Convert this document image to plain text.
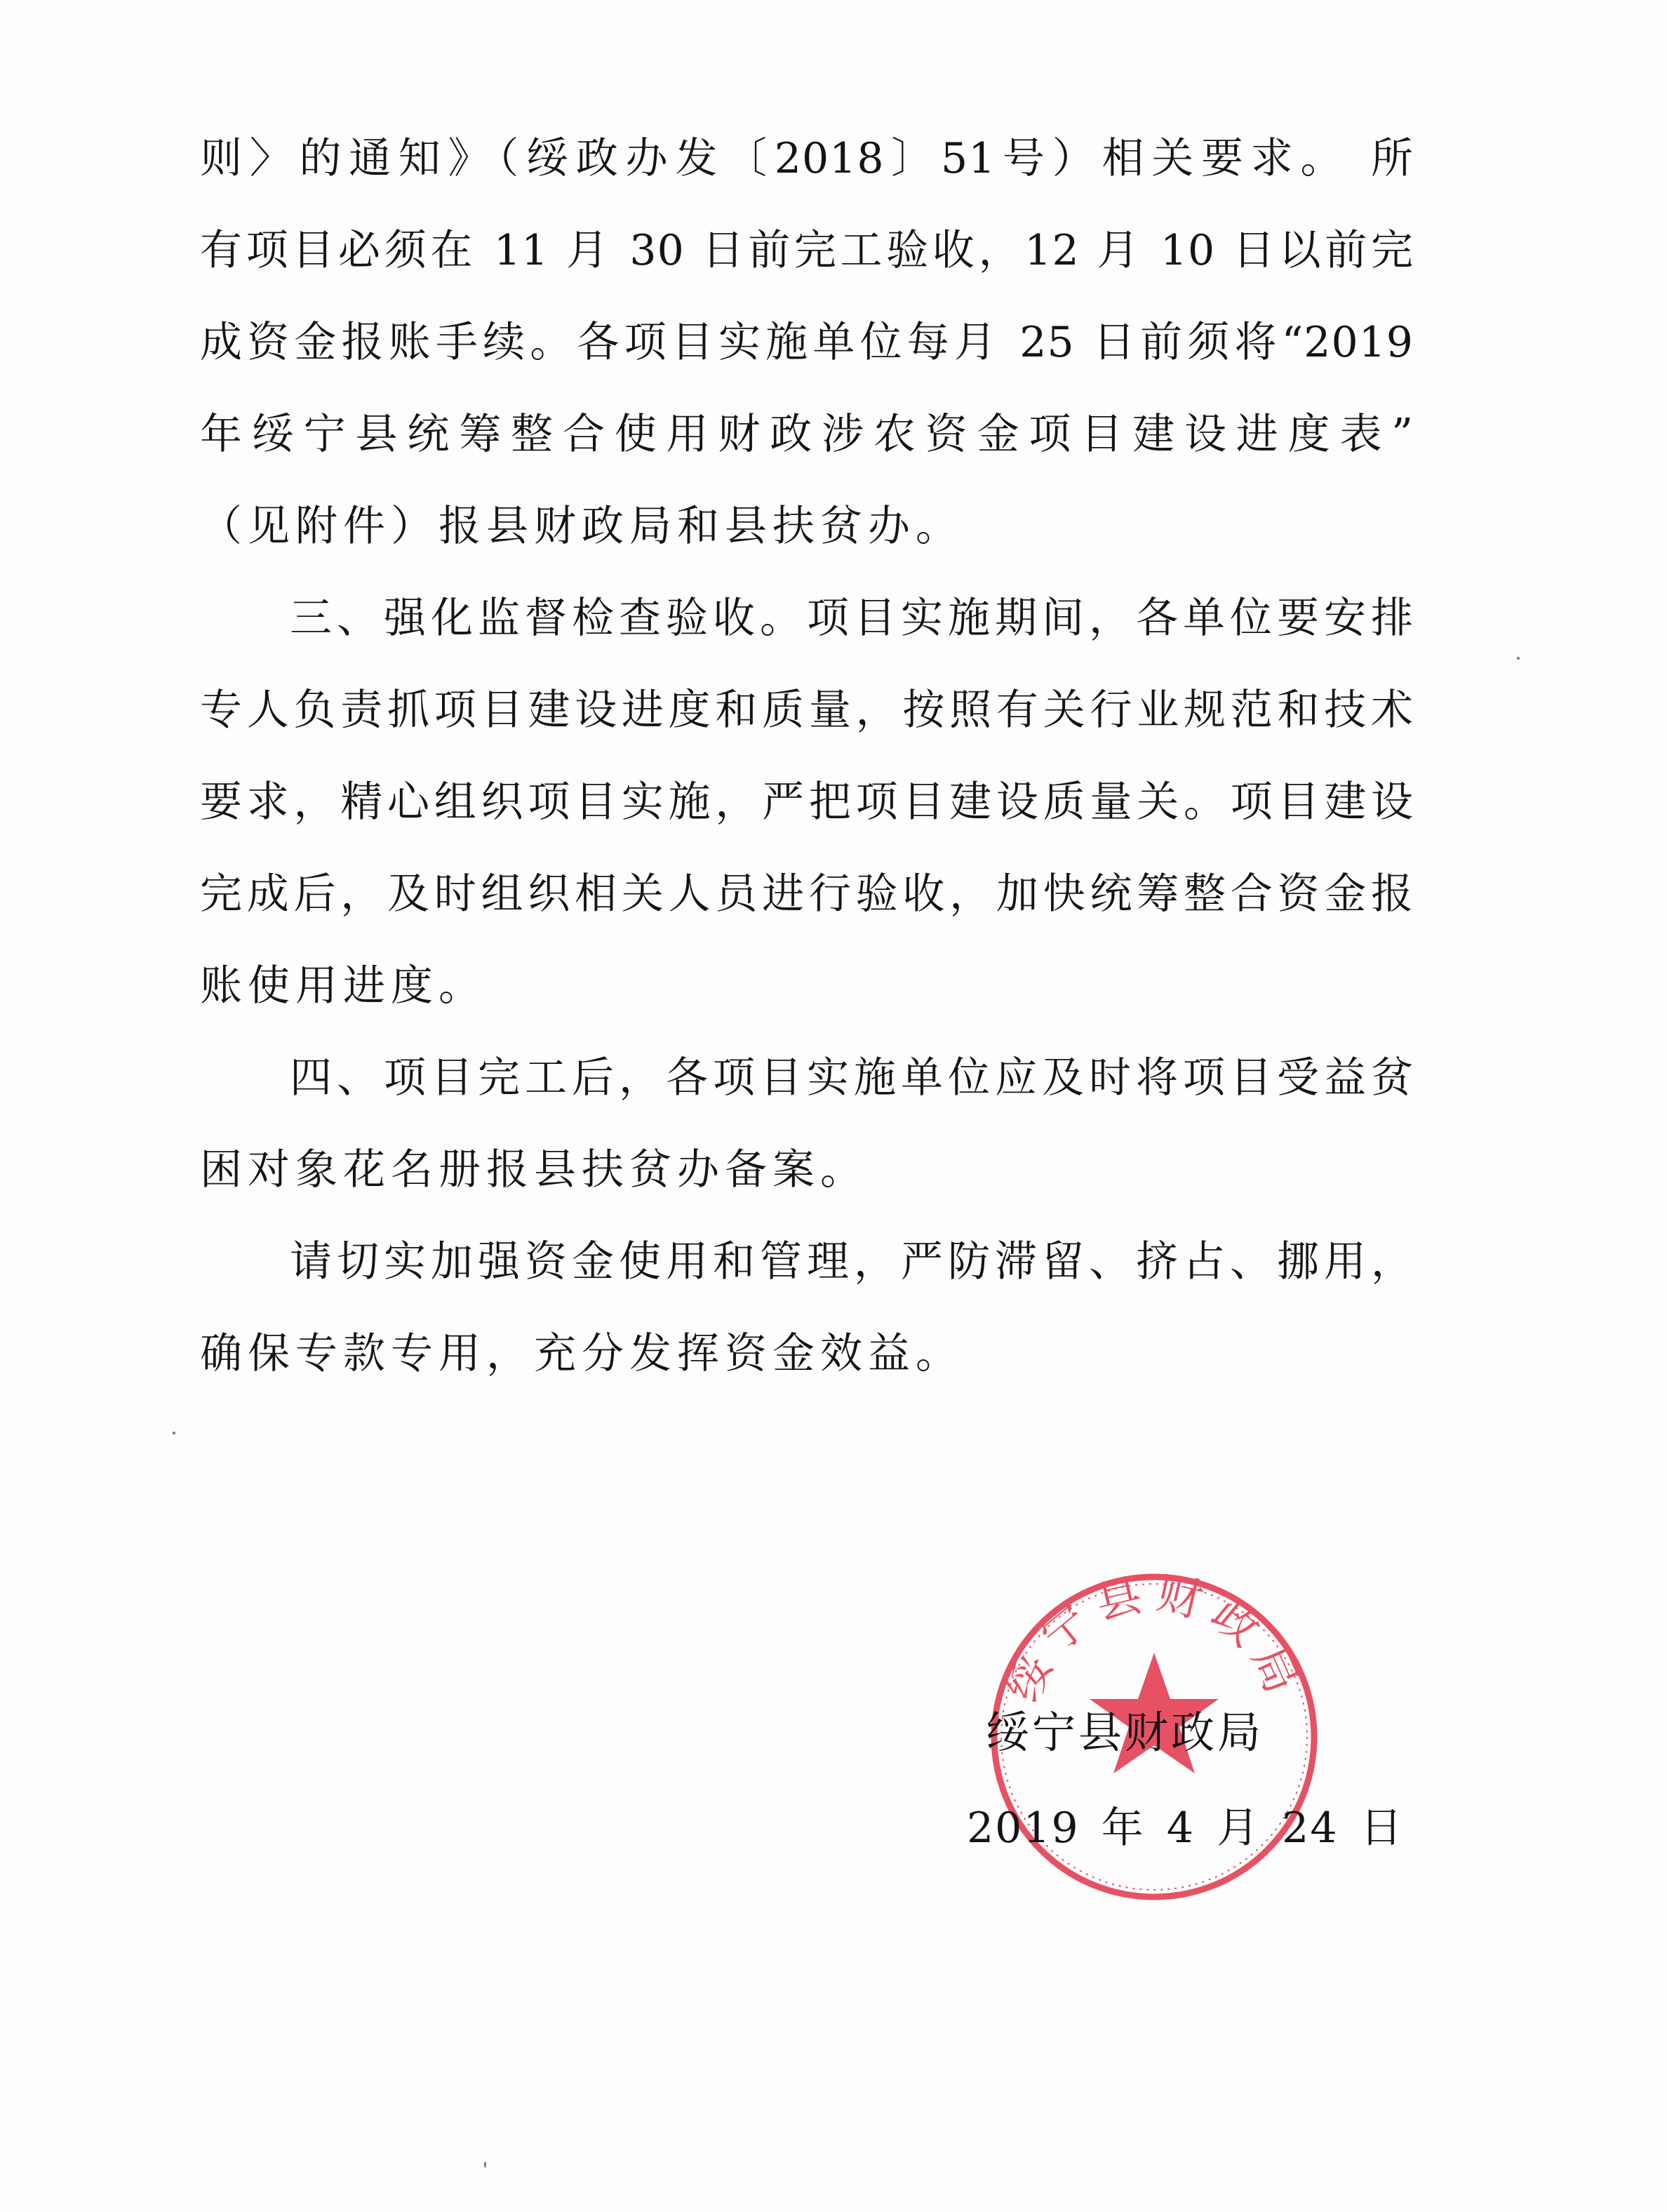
则〉的通知》（绥政办发〔2018〕51号）相关要求。 所
有项目必须在 11 月 30 日前完工验收，12 月 10 日以前完
成资金报账手续。各项目实施单位每月 25 日前须将“2019
年绥宁县统筹整合使用财政涉农资金项目建设进度表”
（见附件）报县财政局和县扶贫办。
三、强化监督检查验收。项目实施期间，各单位要安排
专人负责抓项目建设进度和质量，按照有关行业规范和技术
要求，精心组织项目实施，严把项目建设质量关。项目建设
完成后，及时组织相关人员进行验收，加快统筹整合资金报
账使用进度。
四、项目完工后，各项目实施单位应及时将项目受益贫
困对象花名册报县扶贫办备案。
请切实加强资金使用和管理，严防滞留、挤占、挪用，
确保专款专用，充分发挥资金效益。
绥宁县财政局
绥宁县财政局
2019 年 4 月 24 日
